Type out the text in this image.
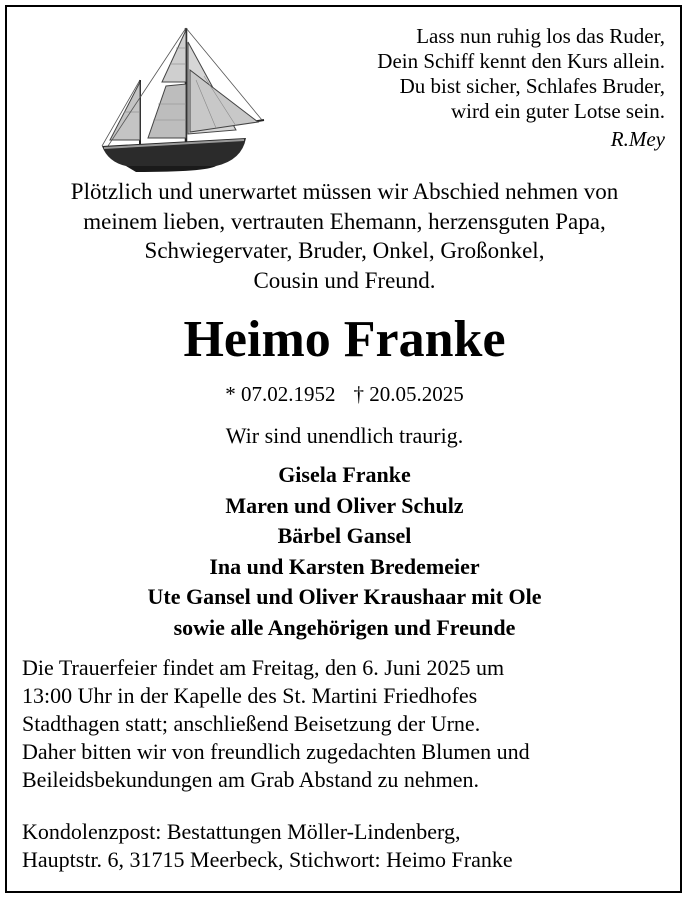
Lass nun ruhig los das Ruder,
Dein Schiff kennt den Kurs allein.
Du bist sicher, Schlafes Bruder,
wird ein guter Lotse sein.
R.Mey
Plötzlich und unerwartet müssen wir Abschied nehmen von
meinem lieben, vertrauten Ehemann, herzensguten Papa,
Schwiegervater, Bruder, Onkel, Großonkel,
Cousin und Freund.
Heimo Franke
* 07.02.1952 † 20.05.2025
Wir sind unendlich traurig.
Gisela Franke
Maren und Oliver Schulz
Bärbel Gansel
Ina und Karsten Bredemeier
Ute Gansel und Oliver Kraushaar mit Ole
sowie alle Angehörigen und Freunde
Die Trauerfeier findet am Freitag, den 6. Juni 2025 um
13:00 Uhr in der Kapelle des St. Martini Friedhofes
Stadthagen statt; anschließend Beisetzung der Urne.
Daher bitten wir von freundlich zugedachten Blumen und
Beileidsbekundungen am Grab Abstand zu nehmen.
Kondolenzpost: Bestattungen Möller-Lindenberg,
Hauptstr. 6, 31715 Meerbeck, Stichwort: Heimo Franke
